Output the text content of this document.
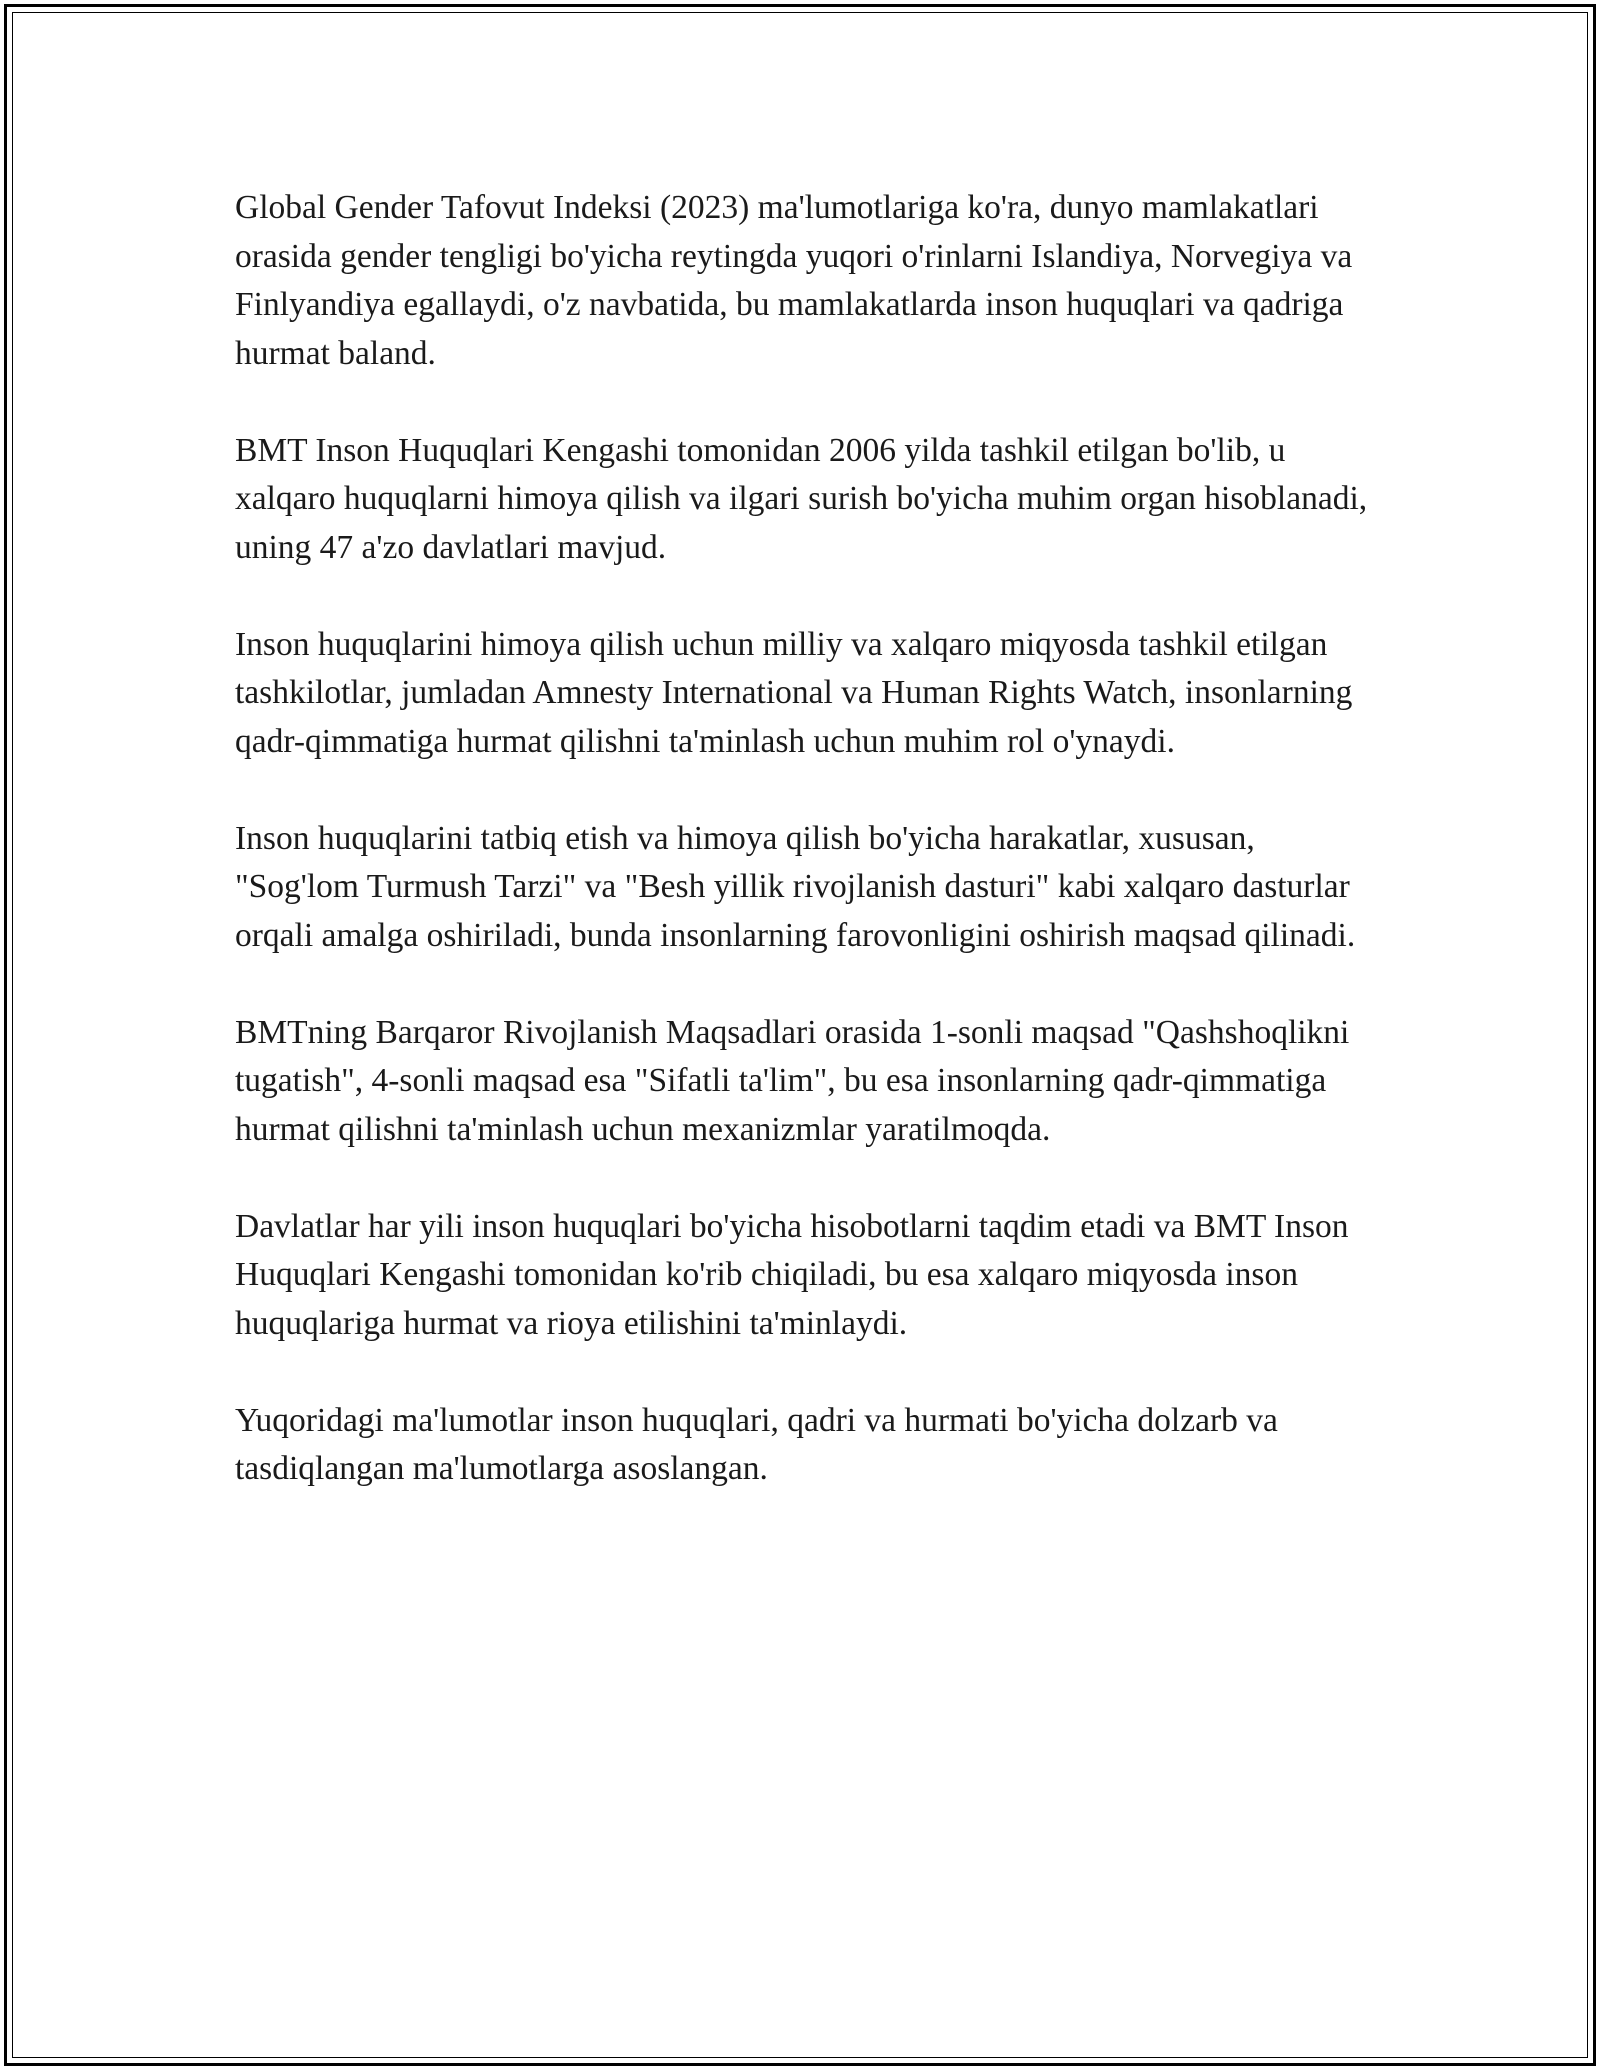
Global Gender Tafovut Indeksi (2023) ma'lumotlariga ko'ra, dunyo mamlakatlari orasida gender tengligi bo'yicha reytingda yuqori o'rinlarni Islandiya, Norvegiya va Finlyandiya egallaydi, o'z navbatida, bu mamlakatlarda inson huquqlari va qadriga hurmat baland.

BMT Inson Huquqlari Kengashi tomonidan 2006 yilda tashkil etilgan bo'lib, u xalqaro huquqlarni himoya qilish va ilgari surish bo'yicha muhim organ hisoblanadi, uning 47 a'zo davlatlari mavjud.

Inson huquqlarini himoya qilish uchun milliy va xalqaro miqyosda tashkil etilgan tashkilotlar, jumladan Amnesty International va Human Rights Watch, insonlarning qadr-qimmatiga hurmat qilishni ta'minlash uchun muhim rol o'ynaydi.

Inson huquqlarini tatbiq etish va himoya qilish bo'yicha harakatlar, xususan, "Sog'lom Turmush Tarzi" va "Besh yillik rivojlanish dasturi" kabi xalqaro dasturlar orqali amalga oshiriladi, bunda insonlarning farovonligini oshirish maqsad qilinadi.

BMTning Barqaror Rivojlanish Maqsadlari orasida 1-sonli maqsad "Qashshoqlikni tugatish", 4-sonli maqsad esa "Sifatli ta'lim", bu esa insonlarning qadr-qimmatiga hurmat qilishni ta'minlash uchun mexanizmlar yaratilmoqda.

Davlatlar har yili inson huquqlari bo'yicha hisobotlarni taqdim etadi va BMT Inson Huquqlari Kengashi tomonidan ko'rib chiqiladi, bu esa xalqaro miqyosda inson huquqlariga hurmat va rioya etilishini ta'minlaydi.

Yuqoridagi ma'lumotlar inson huquqlari, qadri va hurmati bo'yicha dolzarb va tasdiqlangan ma'lumotlarga asoslangan.
